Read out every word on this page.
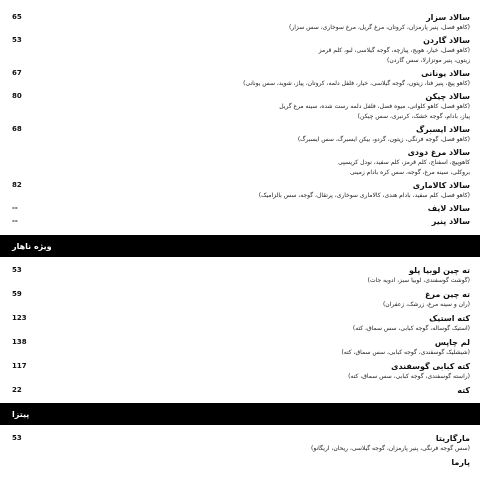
سالاد سزار
65
(کاهو فصل، پنیر پارمزان، کروتان، مرغ گریل، مرغ سوخاری، سس سزار)
سالاد گاردن
53
(کاهو فصل، خیار، هویج، پیازچه، گوجه گیلاسی، لبو، کلم قرمز
زیتون، پنیر موتزارلا، سس گاردن)
سالاد یونانی
67
(کاهو پیچ، پنیر فتا، زیتون، گوجه گیلاسی، خیار، فلفل دلمه، کروتان، پیاز، شوید، سس یونانی)
سالاد چیکن
80
(کاهو فصل، کاهو کلوانی، میوه فصل، فلفل دلمه رست شده، سینه مرغ گریل
پیاز، بادام، گوجه خشک، کرنبری، سس چیکن)
سالاد ایسبرگ
68
(کاهو فصل، گوجه فرنگی، زیتون، گردو، بیکن ایسبرگ، سس ایسبرگ)
سالاد مرغ دودی
کاهوپیچ، اسفناج، کلم قرمز، کلم سفید، نودل کریسپی
بروکلی، سینه مرغ، گوجه، سس کره بادام زمینی
سالاد کالاماری
82
(کاهو فصل، کلم سفید، بادام هندی، کالاماری سوخاری، پرتقال، گوجه، سس بالزامیک)
سالاد لایف
--
سالاد پنیر
--
ویژه ناهار
ته چین لوبیا پلو
53
(گوشت گوسفندی، لوبیا سبز، ادویه جات)
ته چین مرغ
59
(ران و سینه مرغ، زرشک، زعفران)
کته استیک
123
(استیک گوساله، گوجه کبابی، سس سماق، کته)
لم چاپس
138
(شیشلیک گوسفندی، گوجه کبابی، سس سماق، کته)
کته کبابی گوسفندی
117
(راسته گوسفندی، گوجه کبابی، سس سماق، کته)
کته
22
پیتزا
مارگاریتا
53
(سس گوجه فرنگی، پنیر پارمزان، گوجه گیلاسی، ریحان، اریگانو)
پارما
